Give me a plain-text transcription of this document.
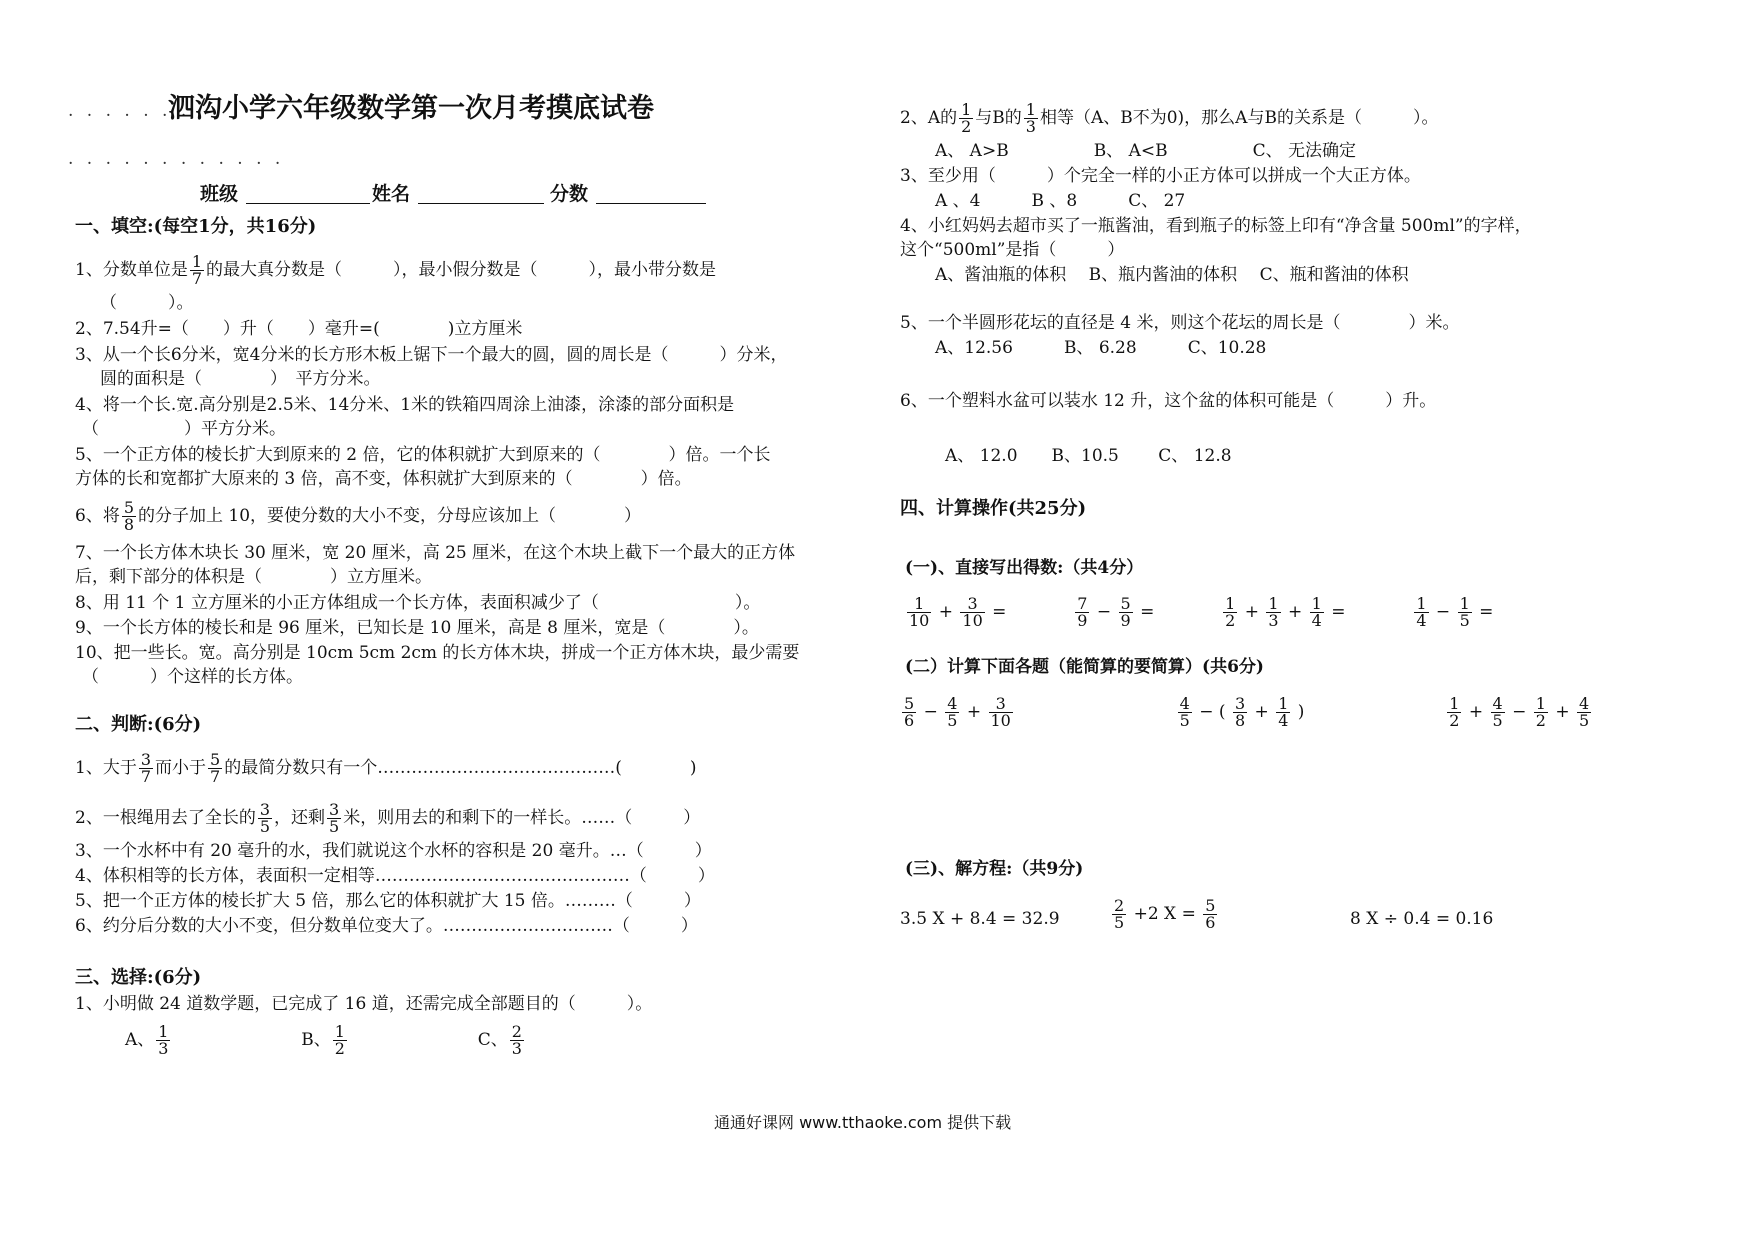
. . . . . . .
泗沟小学六年级数学第一次月考摸底试卷
. . . . . . . . . . . .
班级	姓名	分数
一、填空:(每空1分，共16分)
1、分数单位是 $\frac{1}{7}$ 的最大真分数是（　　　），最小假分数是（　　　），最小带分数是
（　　　）。
2、7.54升=（　　）升（　　）毫升=(　　　　)立方厘米
3、从一个长6分米，宽4分米的长方形木板上锯下一个最大的圆，圆的周长是（　　　）分米，
圆的面积是（　　　　）　平方分米。
4、将一个长.宽.高分别是2.5米、14分米、1米的铁箱四周涂上油漆，涂漆的部分面积是
（　　　　　）平方分米。
5、一个正方体的棱长扩大到原来的 2 倍，它的体积就扩大到原来的（　　　　）倍。一个长
方体的长和宽都扩大原来的 3 倍，高不变，体积就扩大到原来的（　　　　）倍。
6、将 $\frac{5}{8}$ 的分子加上 10，要使分数的大小不变，分母应该加上（　　　　）
7、一个长方体木块长 30 厘米，宽 20 厘米，高 25 厘米，在这个木块上截下一个最大的正方体
后，剩下部分的体积是（　　　　）立方厘米。
8、用 11 个 1 立方厘米的小正方体组成一个长方体，表面积减少了（　　　　　　　　）。
9、一个长方体的棱长和是 96 厘米，已知长是 10 厘米，高是 8 厘米，宽是（　　　　）。
10、把一些长。宽。高分别是 10cm 5cm 2cm 的长方体木块，拼成一个正方体木块，最少需要
（　　　）个这样的长方体。
二、判断:(6分)
1、大于 $\frac{3}{7}$ 而小于 $\frac{5}{7}$ 的最简分数只有一个……………………………………(　　　　)
2、一根绳用去了全长的 $\frac{3}{5}$ ，还剩 $\frac{3}{5}$ 米，则用去的和剩下的一样长。……（　　　）
3、一个水杯中有 20 毫升的水，我们就说这个水杯的容积是 20 毫升。…（　　　）
4、体积相等的长方体，表面积一定相等………………………………………（　　　）
5、把一个正方体的棱长扩大 5 倍，那么它的体积就扩大 15 倍。………（　　　）
6、约分后分数的大小不变，但分数单位变大了。…………………………（　　　）
三、选择:(6分)
1、小明做 24 道数学题，已完成了 16 道，还需完成全部题目的（　　　）。
A、 $\frac{1}{3}$	B、 $\frac{1}{2}$	C、 $\frac{2}{3}$
2、A的 $\frac{1}{2}$ 与B的 $\frac{1}{3}$ 相等（A、B不为0)，那么A与B的关系是（　　　）。
A、 A>B　　　　　B、 A<B　　　　　C、 无法确定
3、至少用（　　　）个完全一样的小正方体可以拼成一个大正方体。
A 、4　　　B 、8　　　C、 27
4、小红妈妈去超市买了一瓶酱油，看到瓶子的标签上印有“净含量 500ml”的字样，
这个“500ml”是指（　　　）
A、酱油瓶的体积　 B、瓶内酱油的体积　 C、瓶和酱油的体积
5、一个半圆形花坛的直径是 4 米，则这个花坛的周长是（　　　　）米。
A、12.56　　　B、 6.28　　　C、10.28
6、一个塑料水盆可以装水 12 升，这个盆的体积可能是（　　　）升。
A、 12.0　　B、10.5　　 C、 12.8
四、计算操作(共25分)
(一)、直接写出得数:（共4分）
$\frac{1}{10} + \frac{3}{10}$ =	$\frac{7}{9} - \frac{5}{9}$ =	$\frac{1}{2} + \frac{1}{3} + \frac{1}{4}$ =	$\frac{1}{4} - \frac{1}{5}$ =
(二）计算下面各题（能简算的要简算）(共6分)
$\frac{5}{6} - \frac{4}{5} + \frac{3}{10}$
	$\frac{4}{5}$ − ( $\frac{3}{8} + \frac{1}{4}$ )	$\frac{1}{2} + \frac{4}{5} - \frac{1}{2} + \frac{4}{5}$
(三)、解方程:（共9分)
3.5 X + 8.4 = 32.9	$\frac{2}{5} +2$ $X = \frac{5}{6}$	8 X ÷ 0.4 = 0.16
通通好课网 www.tthaoke.com 提供下载
